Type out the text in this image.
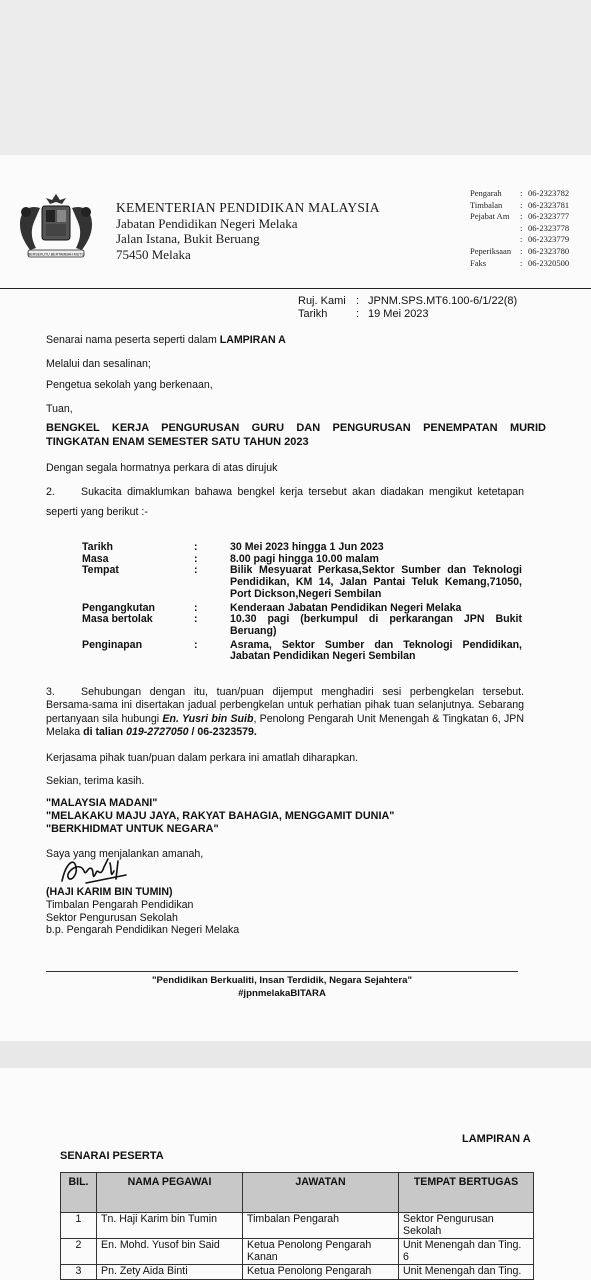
BERSEKUTU BERTAMBAH MUTU
KEMENTERIAN PENDIDIKAN MALAYSIA
Jabatan Pendidikan Negeri Melaka
Jalan Istana, Bukit Beruang
75450 Melaka
Pengarah	: 06-2323782
Timbalan	: 06-2323781
Pejabat Am	: 06-2323777
: 06-2323778
: 06-2323779
Peperiksaan	: 06-2323780
Faks	: 06-2320500
Ruj. Kami : JPNM.SPS.MT6.100-6/1/22(8)
Tarikh	: 19 Mei 2023
Senarai nama peserta seperti dalam LAMPIRAN A
Melalui dan sesalinan;
Pengetua sekolah yang berkenaan,
Tuan,
BENGKEL KERJA PENGURUSAN GURU DAN PENGURUSAN PENEMPATAN MURID TINGKATAN ENAM SEMESTER SATU TAHUN 2023
Dengan segala hormatnya perkara di atas dirujuk
2. Sukacita dimaklumkan bahawa bengkel kerja tersebut akan diadakan mengikut ketetapan seperti yang berikut :-
Tarikh	:	30 Mei 2023 hingga 1 Jun 2023
Masa	:	8.00 pagi hingga 10.00 malam
Tempat	:	Bilik Mesyuarat Perkasa,Sektor Sumber dan Teknologi Pendidikan, KM 14, Jalan Pantai Teluk Kemang,71050, Port Dickson,Negeri Sembilan
Pengangkutan	:	Kenderaan Jabatan Pendidikan Negeri Melaka
Masa bertolak	:	10.30 pagi (berkumpul di perkarangan JPN Bukit Beruang)
Penginapan	:	Asrama, Sektor Sumber dan Teknologi Pendidikan, Jabatan Pendidikan Negeri Sembilan
3. Sehubungan dengan itu, tuan/puan dijemput menghadiri sesi perbengkelan tersebut. Bersama-sama ini disertakan jadual perbengkelan untuk perhatian pihak tuan selanjutnya. Sebarang pertanyaan sila hubungi En. Yusri bin Suib, Penolong Pengarah Unit Menengah & Tingkatan 6, JPN Melaka di talian 019-2727050 / 06-2323579.
Kerjasama pihak tuan/puan dalam perkara ini amatlah diharapkan.
Sekian, terima kasih.
"MALAYSIA MADANI"
"MELAKAKU MAJU JAYA, RAKYAT BAHAGIA, MENGGAMIT DUNIA"
"BERKHIDMAT UNTUK NEGARA"
Saya yang menjalankan amanah,
(HAJI KARIM BIN TUMIN)
Timbalan Pengarah Pendidikan
Sektor Pengurusan Sekolah
b.p. Pengarah Pendidikan Negeri Melaka
"Pendidikan Berkualiti, Insan Terdidik, Negara Sejahtera"
#jpnmelakaBITARA
LAMPIRAN A
SENARAI PESERTA
BIL.	NAMA PEGAWAI	JAWATAN	TEMPAT BERTUGAS
1	Tn. Haji Karim bin Tumin	Timbalan Pengarah	Sektor Pengurusan Sekolah
2	En. Mohd. Yusof bin Said	Ketua Penolong Pengarah Kanan	Unit Menengah dan Ting. 6
3	Pn. Zety Aida Binti	Ketua Penolong Pengarah	Unit Menengah dan Ting.
